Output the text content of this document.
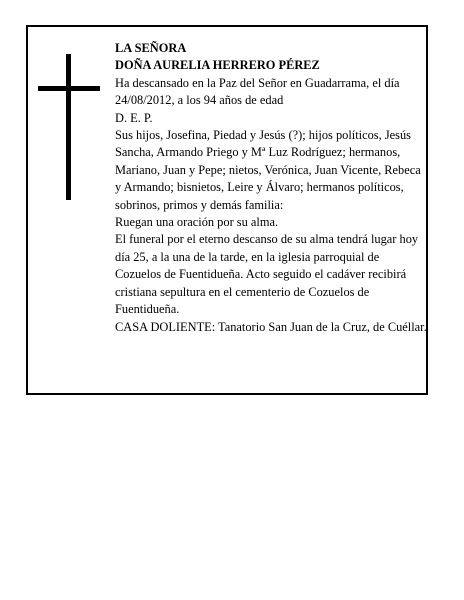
LA SEÑORA

DOÑA AURELIA HERRERO PÉREZ

Ha descansado en la Paz del Señor en Guadarrama, el día 24/08/2012, a los 94 años de edad

D. E. P.

Sus hijos, Josefina, Piedad y Jesús (?); hijos políticos, Jesús Sancha, Armando Priego y Mª Luz Rodríguez; hermanos, Mariano, Juan y Pepe; nietos, Verónica, Juan Vicente, Rebeca y Armando; bisnietos, Leire y Álvaro; hermanos políticos, sobrinos, primos y demás familia:

Ruegan una oración por su alma.

El funeral por el eterno descanso de su alma tendrá lugar hoy día 25, a la una de la tarde, en la iglesia parroquial de Cozuelos de Fuentidueña. Acto seguido el cadáver recibirá cristiana sepultura en el cementerio de Cozuelos de Fuentidueña.

CASA DOLIENTE: Tanatorio San Juan de la Cruz, de Cuéllar.
